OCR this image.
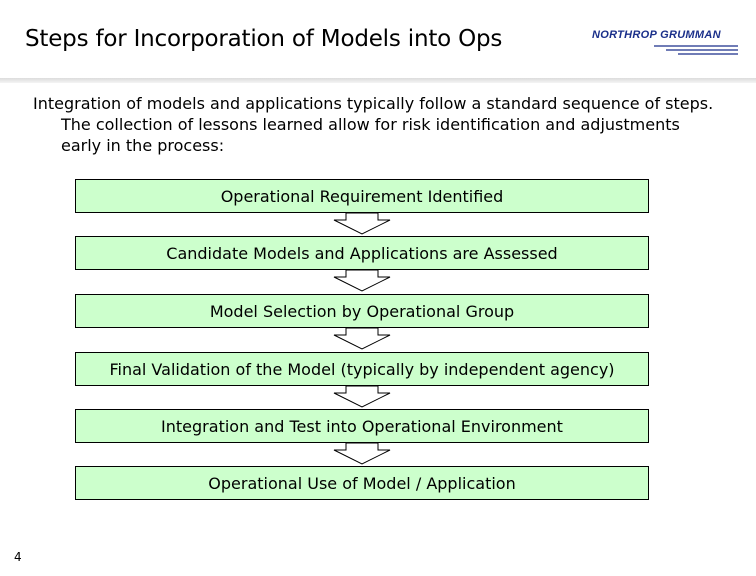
Steps for Incorporation of Models into Ops	NORTHROP GRUMMAN
Integration of models and applications typically follow a standard sequence of steps. The collection of lessons learned allow for risk identification and adjustments early in the process:
Operational Requirement Identified
Candidate Models and Applications are Assessed
Model Selection by Operational Group
Final Validation of the Model (typically by independent agency)
Integration and Test into Operational Environment
Operational Use of Model / Application
4
